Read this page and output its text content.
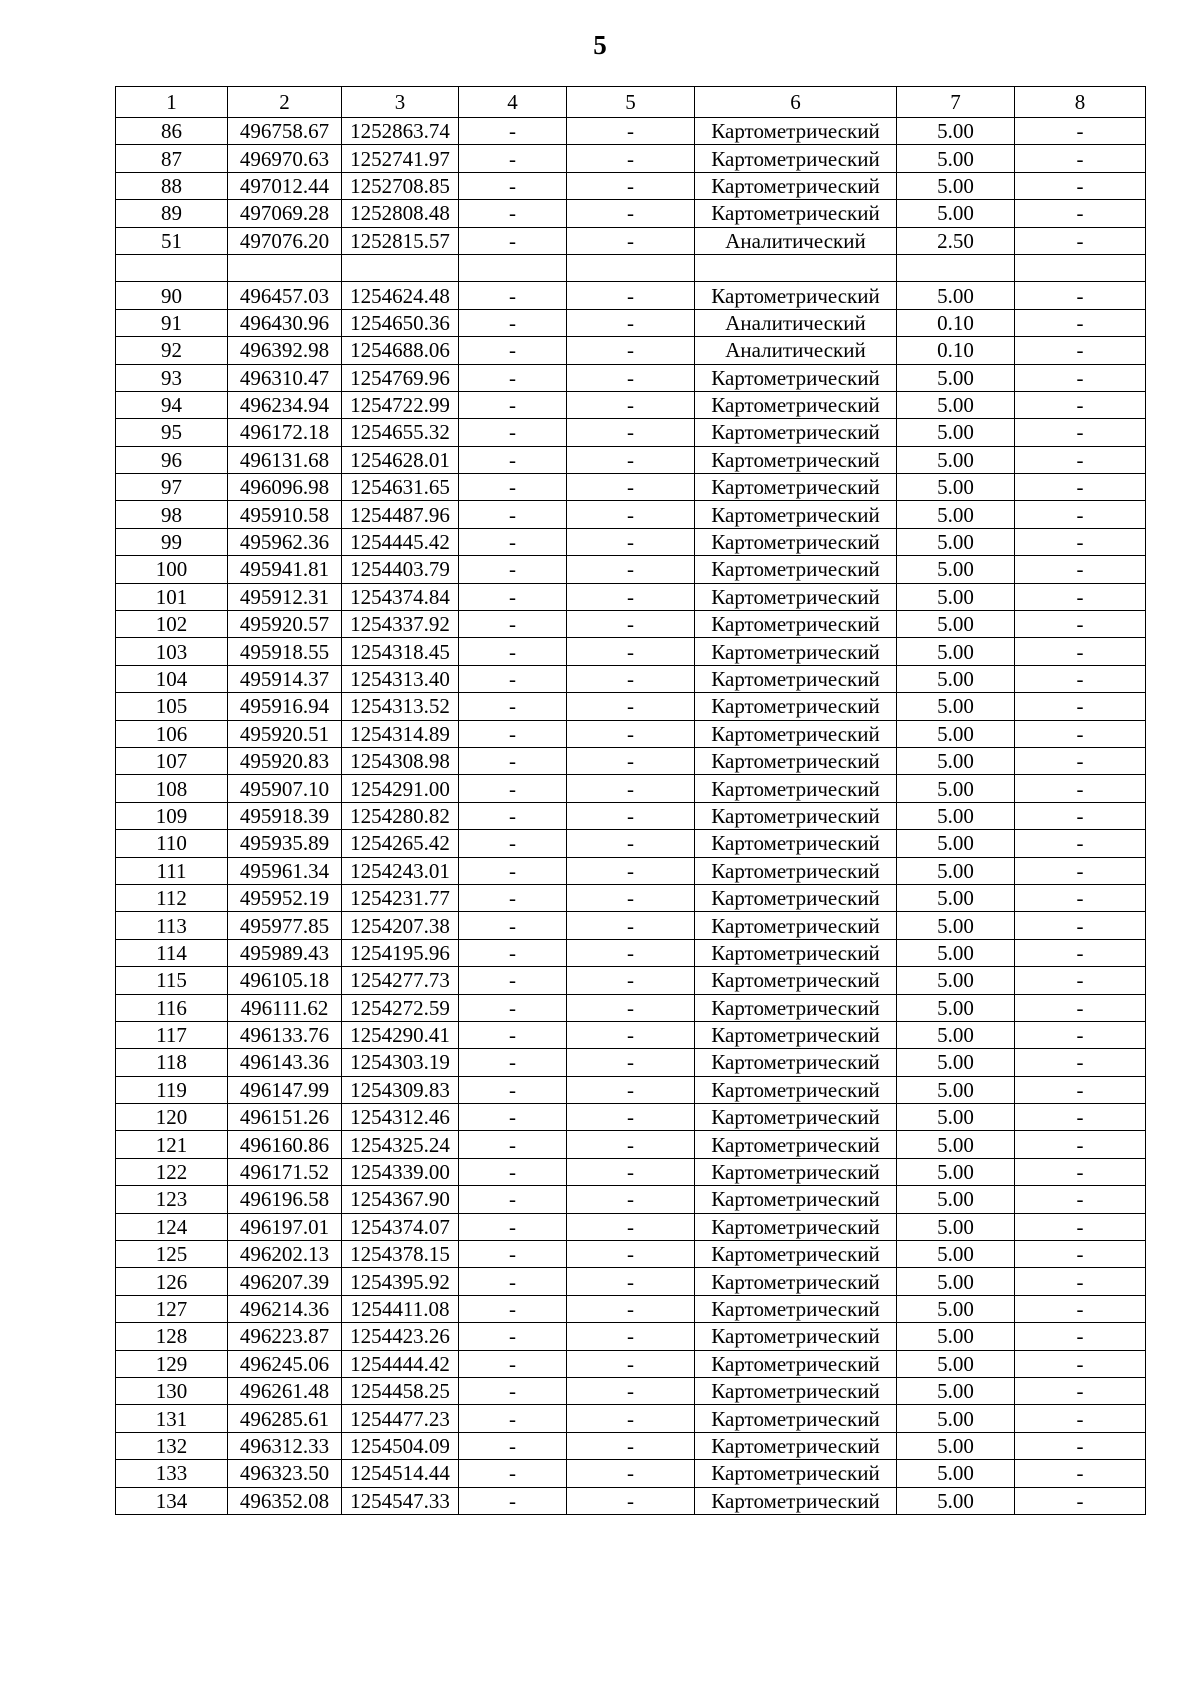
5
1	2	3	4	5	6	7	8
86	496758.67	1252863.74	-	-	Картометрический	5.00	-
87	496970.63	1252741.97	-	-	Картометрический	5.00	-
88	497012.44	1252708.85	-	-	Картометрический	5.00	-
89	497069.28	1252808.48	-	-	Картометрический	5.00	-
51	497076.20	1252815.57	-	-	Аналитический	2.50	-

90	496457.03	1254624.48	-	-	Картометрический	5.00	-
91	496430.96	1254650.36	-	-	Аналитический	0.10	-
92	496392.98	1254688.06	-	-	Аналитический	0.10	-
93	496310.47	1254769.96	-	-	Картометрический	5.00	-
94	496234.94	1254722.99	-	-	Картометрический	5.00	-
95	496172.18	1254655.32	-	-	Картометрический	5.00	-
96	496131.68	1254628.01	-	-	Картометрический	5.00	-
97	496096.98	1254631.65	-	-	Картометрический	5.00	-
98	495910.58	1254487.96	-	-	Картометрический	5.00	-
99	495962.36	1254445.42	-	-	Картометрический	5.00	-
100	495941.81	1254403.79	-	-	Картометрический	5.00	-
101	495912.31	1254374.84	-	-	Картометрический	5.00	-
102	495920.57	1254337.92	-	-	Картометрический	5.00	-
103	495918.55	1254318.45	-	-	Картометрический	5.00	-
104	495914.37	1254313.40	-	-	Картометрический	5.00	-
105	495916.94	1254313.52	-	-	Картометрический	5.00	-
106	495920.51	1254314.89	-	-	Картометрический	5.00	-
107	495920.83	1254308.98	-	-	Картометрический	5.00	-
108	495907.10	1254291.00	-	-	Картометрический	5.00	-
109	495918.39	1254280.82	-	-	Картометрический	5.00	-
110	495935.89	1254265.42	-	-	Картометрический	5.00	-
111	495961.34	1254243.01	-	-	Картометрический	5.00	-
112	495952.19	1254231.77	-	-	Картометрический	5.00	-
113	495977.85	1254207.38	-	-	Картометрический	5.00	-
114	495989.43	1254195.96	-	-	Картометрический	5.00	-
115	496105.18	1254277.73	-	-	Картометрический	5.00	-
116	496111.62	1254272.59	-	-	Картометрический	5.00	-
117	496133.76	1254290.41	-	-	Картометрический	5.00	-
118	496143.36	1254303.19	-	-	Картометрический	5.00	-
119	496147.99	1254309.83	-	-	Картометрический	5.00	-
120	496151.26	1254312.46	-	-	Картометрический	5.00	-
121	496160.86	1254325.24	-	-	Картометрический	5.00	-
122	496171.52	1254339.00	-	-	Картометрический	5.00	-
123	496196.58	1254367.90	-	-	Картометрический	5.00	-
124	496197.01	1254374.07	-	-	Картометрический	5.00	-
125	496202.13	1254378.15	-	-	Картометрический	5.00	-
126	496207.39	1254395.92	-	-	Картометрический	5.00	-
127	496214.36	1254411.08	-	-	Картометрический	5.00	-
128	496223.87	1254423.26	-	-	Картометрический	5.00	-
129	496245.06	1254444.42	-	-	Картометрический	5.00	-
130	496261.48	1254458.25	-	-	Картометрический	5.00	-
131	496285.61	1254477.23	-	-	Картометрический	5.00	-
132	496312.33	1254504.09	-	-	Картометрический	5.00	-
133	496323.50	1254514.44	-	-	Картометрический	5.00	-
134	496352.08	1254547.33	-	-	Картометрический	5.00	-
